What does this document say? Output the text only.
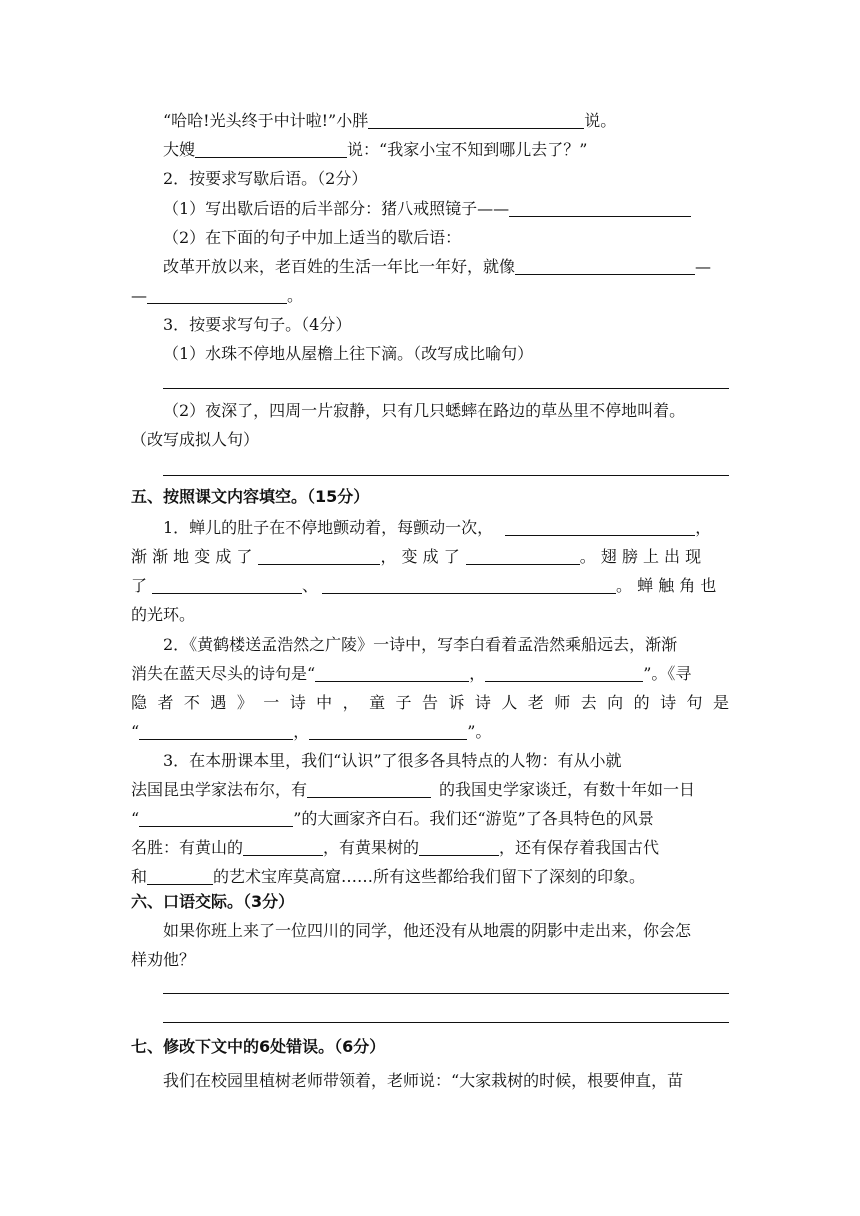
“哈哈!光头终于中计啦!”小胖	说。
大嫂	说：“我家小宝不知到哪儿去了？”
2．按要求写歇后语。（2分）
（1）写出歇后语的后半部分：猪八戒照镜子——
（2）在下面的句子中加上适当的歇后语：
改革开放以来，老百姓的生活一年比一年好，就像	—
—	。
3．按要求写句子。（4分）
（1）水珠不停地从屋檐上往下滴。（改写成比喻句）
（2）夜深了，四周一片寂静，只有几只蟋蟀在路边的草丛里不停地叫着。
（改写成拟人句）
五、按照课文内容填空。（15分）
1．蝉儿的肚子在不停地颤动着，每颤动一次，	，
渐 渐 地 变 成 了	， 变 成 了	。 翅 膀 上 出 现
了	、	。 蝉 触 角 也
的光环。
2．《黄鹤楼送孟浩然之广陵》一诗中，写李白看着孟浩然乘船远去，渐渐
消失在蓝天尽头的诗句是“	，	”。《寻
隐 者 不 遇 》 一 诗 中 ， 童 子 告 诉 诗 人 老 师 去 向 的 诗 句 是
“	，	”。
3．在本册课本里，我们“认识”了很多各具特点的人物：有从小就
法国昆虫学家法布尔，有	的我国史学家谈迁，有数十年如一日
“	”的大画家齐白石。我们还“游览”了各具特色的风景
名胜：有黄山的	，有黄果树的	，还有保存着我国古代
和	的艺术宝库莫高窟……所有这些都给我们留下了深刻的印象。
六、口语交际。（3分）
如果你班上来了一位四川的同学，他还没有从地震的阴影中走出来，你会怎
样劝他？
七、修改下文中的6处错误。（6分）
我们在校园里植树老师带领着，老师说：“大家栽树的时候，根要伸直，苗
